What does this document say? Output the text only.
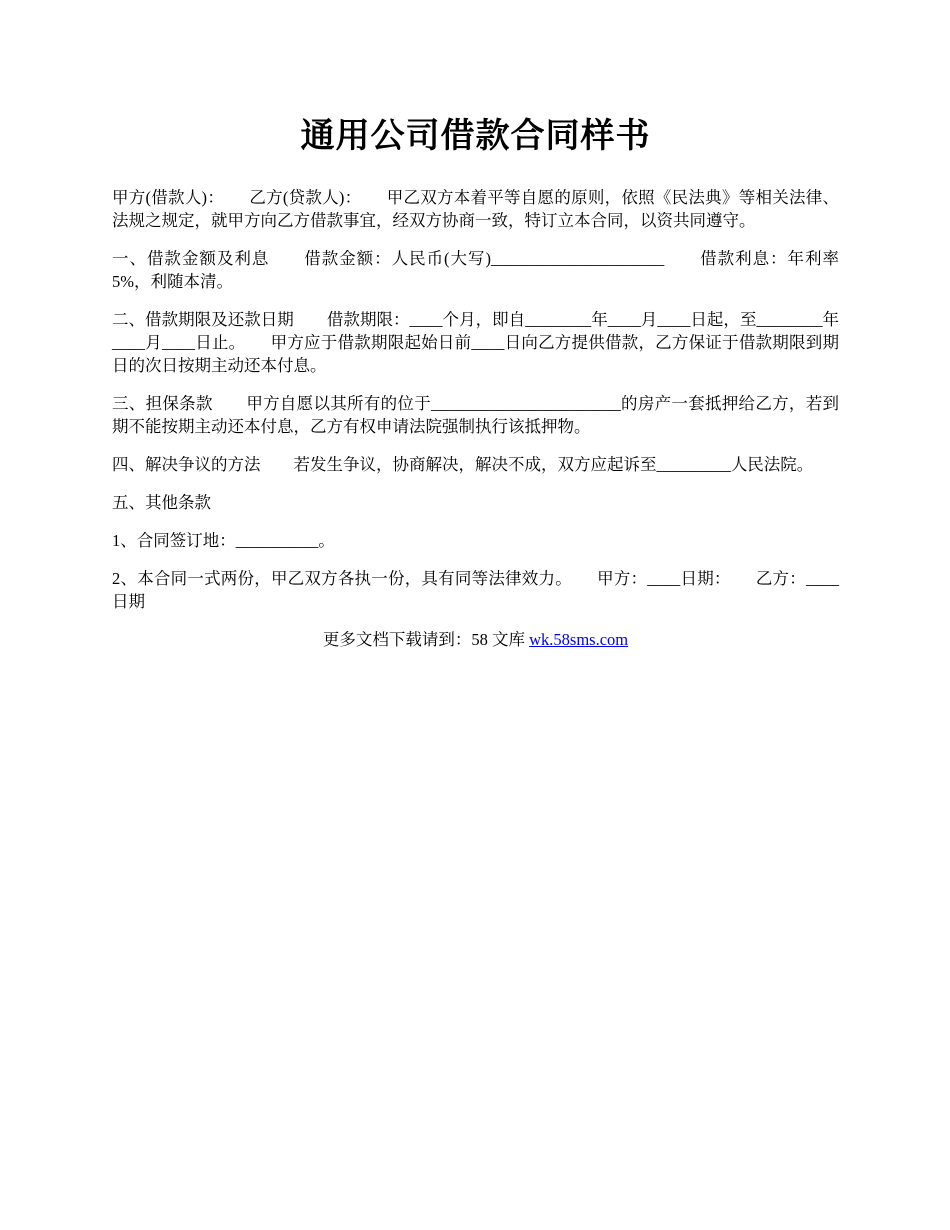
通用公司借款合同样书

甲方(借款人)：　　乙方(贷款人)：　　甲乙双方本着平等自愿的原则，依照《民法典》等相关法律、法规之规定，就甲方向乙方借款事宜，经双方协商一致，特订立本合同，以资共同遵守。

一、借款金额及利息　　借款金额：人民币(大写)_____________________　　借款利息：年利率 5%，利随本清。

二、借款期限及还款日期　　借款期限：____个月，即自________年____月____日起，至________年____月____日止。　　甲方应于借款期限起始日前____日向乙方提供借款，乙方保证于借款期限到期日的次日按期主动还本付息。

三、担保条款　　甲方自愿以其所有的位于_______________________的房产一套抵押给乙方，若到期不能按期主动还本付息，乙方有权申请法院强制执行该抵押物。

四、解决争议的方法　　若发生争议，协商解决，解决不成，双方应起诉至_________人民法院。

五、其他条款

1、合同签订地：__________。

2、本合同一式两份，甲乙双方各执一份，具有同等法律效力。　　甲方：____日期：　　乙方：____日期

更多文档下载请到：58 文库 wk.58sms.com
